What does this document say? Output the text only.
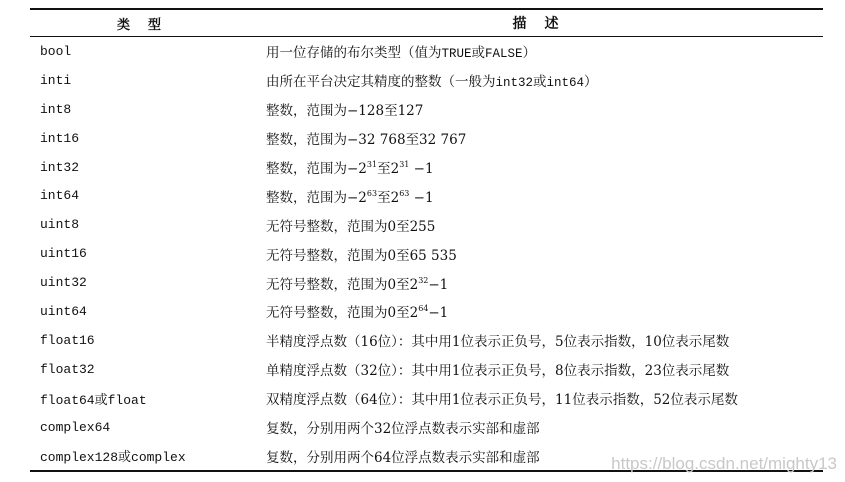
类型	描述
bool	用一位存储的布尔类型（值为TRUE或FALSE）
inti	由所在平台决定其精度的整数（一般为int32或int64）
int8	整数，范围为−128至127
int16	整数，范围为−32 768至32 767
int32	整数，范围为$-2^{31}$至$2^{31} -1$
int64	整数，范围为$-2^{63}$至$2^{63} -1$
uint8	无符号整数，范围为0至255
uint16	无符号整数，范围为0至65 535
uint32	无符号整数，范围为0至$2^{32}-1$
uint64	无符号整数，范围为0至$2^{64}-1$
float16	半精度浮点数（16位）：其中用1位表示正负号，5位表示指数，10位表示尾数
float32	单精度浮点数（32位）：其中用1位表示正负号，8位表示指数，23位表示尾数
float64或float	双精度浮点数（64位）：其中用1位表示正负号，11位表示指数，52位表示尾数
complex64	复数，分别用两个32位浮点数表示实部和虚部
complex128或complex	复数，分别用两个64位浮点数表示实部和虚部	https://blog.csdn.net/mighty13
